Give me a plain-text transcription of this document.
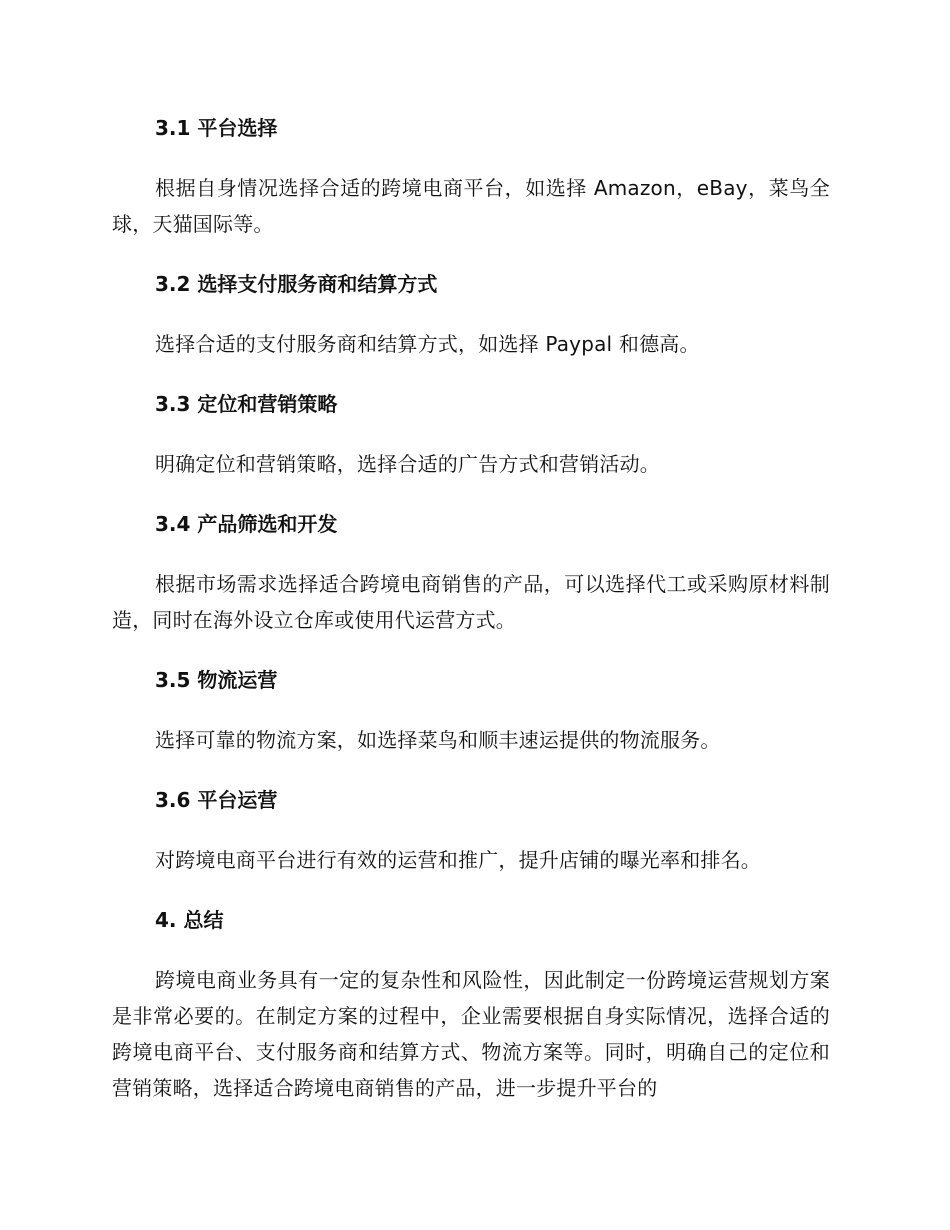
3.1 平台选择

根据自身情况选择合适的跨境电商平台，如选择 Amazon，eBay，菜鸟全球，天猫国际等。

3.2 选择支付服务商和结算方式

选择合适的支付服务商和结算方式，如选择 Paypal 和德高。

3.3 定位和营销策略

明确定位和营销策略，选择合适的广告方式和营销活动。

3.4 产品筛选和开发

根据市场需求选择适合跨境电商销售的产品，可以选择代工或采购原材料制造，同时在海外设立仓库或使用代运营方式。

3.5 物流运营

选择可靠的物流方案，如选择菜鸟和顺丰速运提供的物流服务。

3.6 平台运营

对跨境电商平台进行有效的运营和推广，提升店铺的曝光率和排名。

4. 总结

跨境电商业务具有一定的复杂性和风险性，因此制定一份跨境运营规划方案是非常必要的。在制定方案的过程中，企业需要根据自身实际情况，选择合适的跨境电商平台、支付服务商和结算方式、物流方案等。同时，明确自己的定位和营销策略，选择适合跨境电商销售的产品，进一步提升平台的
